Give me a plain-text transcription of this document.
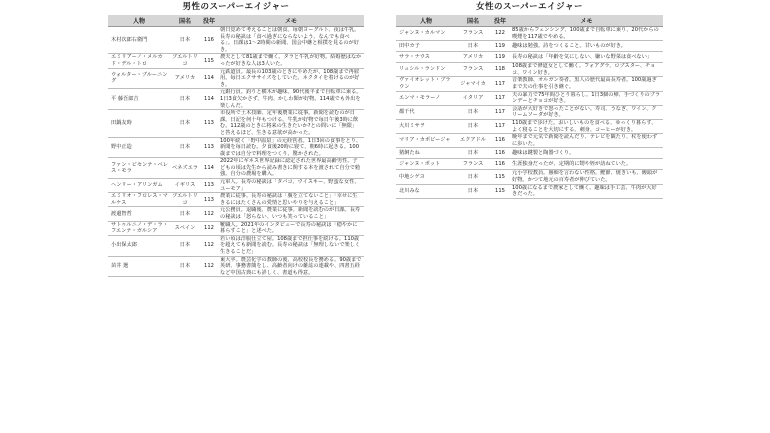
男性のスーパーエイジャー
人物	国名	没年	メモ
木村次郎右衛門	日本	116	朝日覚めて考えることは朝食。毎朝ヨーグルト、夜は牛乳。長寿の秘訣は「食べ過ぎにならないよう、なんでも食べる」。日課は1〜2時間の新聞、国会中継と相撲を見るのが好き。
エミリアーノ・メルカド・デル・トロ	プエルトリコ	115	農夫として81歳まで働く。タラと牛乳が好物。結婚歴はなかったが好きな人は3人いた。
ウォルター・ブルーニング	アメリカ	114	元鉄道員。最長の103歳のときにやめたが、108歳まで再雇用。毎日エクササイズをしていた。ネクタイを着けるのが好き。
平 藤吾郎吉	日本	114	元銀行員。釣りと横木が趣味。90代後半まで自転車に乗る。1日3食欠かさず、牛肉、かしわ類が好物。114歳でも外出を楽しんだ。
田鍋友時	日本	113	市役所で土木技師、定年後農業に従事。新聞を読むのが日課。日記を何十年もつける。牛乳が好物で毎日午後3時に飲む。112歳のときに将来の生きたいか?との問いに「無限」と答えるほど、生きる意欲が高かった。
野中正造	日本	113	100年続く「野中温泉」の元経営者。1日3回の食事をとり、新聞を毎日読む。夕食後20時に寝て、朝6時に起きる。100歳までは自分で料理をつくり、驚かされた。
ファン・ビセンテ・ペレス・モラ	ベネズエラ	114	2022年にギネス世界記録に認定された世界最高齢男性。子どもの頃は先生から読み書きに関する本を渡されて自分で勉強。自分の農場を購入。
ヘンリー・アリンガム	イギリス	113	元軍人。長寿の秘訣は「タバコ、ウイスキー、野蛮な女性、ユーモア」
エミリオ・フロレス・マルケス	プエルトリコ	113	農業に従事。長寿の秘訣は「腹を立てないこと」「幸せに生きるにはたくさんの愛情と思いやりを与えること」
渡邊智哲	日本	112	元公務員。退職後、農業に従事。新聞を読むのが日課。長寿の秘訣は「怒らない、いつも笑っていること」
サトゥルニノ・デ・ラ・フエンテ・ガルシア	スペイン	112	靴職人。2021年のインタビューで長寿の秘訣は「穏やかに暮らすこと」と述べた。
小出保太郎	日本	112	若い頃は洋服仕立て屋。108歳まで担仕事を続ける。110歳を超えても新聞を読む。長寿の秘訣は「無理しないで楽しく生きることだ」
苗井 選	日本	112	東大卒。農芸化学の教師の後、高校校長を務める。90歳まで英研、事務書簡をし、高齢者向けの雑誌の連載や、四書五経など中国古典にも詳しく、書道も得意。
女性のスーパーエイジャー
人物	国名	没年	メモ
ジャンヌ・カルマン	フランス	122	85歳からフェンシング、100歳まで自転車に乗り、20代からの喫煙を117歳でやめる。
田中カ子	日本	119	趣味は勉強。詩をつくること。甘いものが好き。
サラ・ナウス	アメリカ	119	長寿の秘訣は「年齢を気にしない、嫌いな野菜は食べない」
リュシル・ランドン	フランス	118	108歳まで修道女として働く。フォアグラ、ロブスター、チョコ、ワイン好き。
ヴァイオレット・ブラウン	ジャマイカ	117	音楽教師、オルガン奏者。黒人の歴代最高長寿者。100歳過ぎまで夫の仕事を引き継ぐ。
エンマ・モラーノ	イタリア	117	夫の暴力で75年間ひとり暮らし。1日3個の卵、手づくりのブランデーとチョコが好き。
都千代	日本	117	会話が大好きで怒ったことがない。寿司、うなぎ、ワイン、クリームソーダが好き。
大川ミサヲ	日本	117	110歳まで歩けた。おいしいものを食べる、ゆっくり暮らす、よく寝ることを大切にする。刺身、コーヒーが好き。
マリア・カポビージャ	エクアドル	116	晩年まで元気で新聞を読んだり、テレビを観たり、杖を使わずに歩いた。
猪飼たね	日本	116	趣味は鍵製と陶器づくり。
ジャンヌ・ボット	フランス	116	生涯独身だったが、定期的に甥や姪が訪ねていた。
中地シゲヨ	日本	115	元小学校教員。愚痴を言わない性格。鰹節、焼きいも、饅頭が好物。かつて地元の百寿者が伸びていた。
北川みな	日本	115	100歳になるまで農家として働く。趣味は手工芸、牛肉が大好きだった。
